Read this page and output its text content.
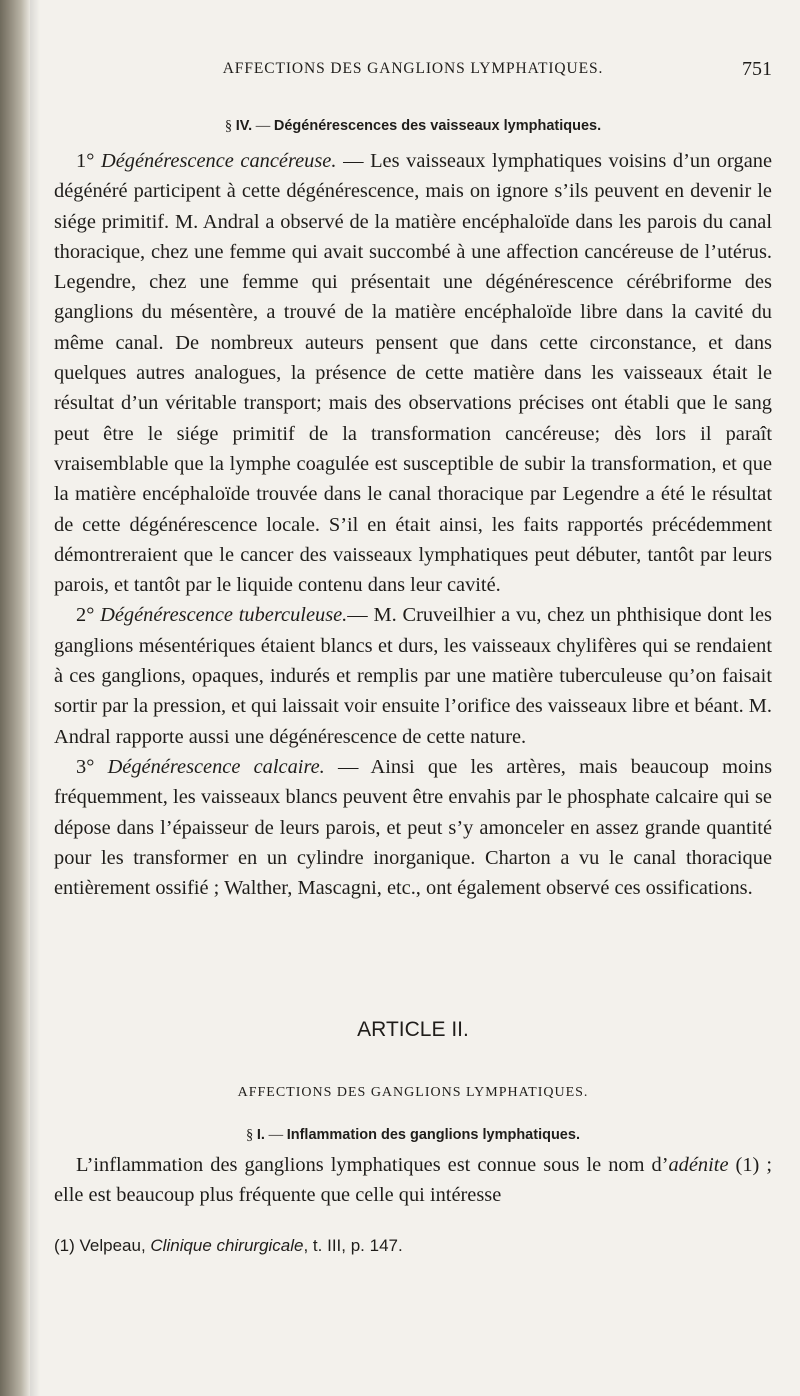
AFFECTIONS DES GANGLIONS LYMPHATIQUES.	751
§ IV. — Dégénérescences des vaisseaux lymphatiques.

1° Dégénérescence cancéreuse. — Les vaisseaux lymphatiques voisins d’un organe dégénéré participent à cette dégénérescence, mais on ignore s’ils peuvent en devenir le siége primitif. M. Andral a observé de la matière encéphaloïde dans les parois du canal thoracique, chez une femme qui avait succombé à une affection cancéreuse de l’utérus. Legendre, chez une femme qui présentait une dégénérescence cérébriforme des ganglions du mésentère, a trouvé de la matière encéphaloïde libre dans la cavité du même canal. De nombreux auteurs pensent que dans cette circonstance, et dans quelques autres analogues, la présence de cette matière dans les vaisseaux était le résultat d’un véritable transport; mais des observations précises ont établi que le sang peut être le siége primitif de la transformation cancéreuse; dès lors il paraît vraisemblable que la lymphe coagulée est susceptible de subir la transformation, et que la matière encéphaloïde trouvée dans le canal thoracique par Legendre a été le résultat de cette dégénérescence locale. S’il en était ainsi, les faits rapportés précédemment démontreraient que le cancer des vaisseaux lymphatiques peut débuter, tantôt par leurs parois, et tantôt par le liquide contenu dans leur cavité.

2° Dégénérescence tuberculeuse.— M. Cruveilhier a vu, chez un phthisique dont les ganglions mésentériques étaient blancs et durs, les vaisseaux chylifères qui se rendaient à ces ganglions, opaques, indurés et remplis par une matière tuberculeuse qu’on faisait sortir par la pression, et qui laissait voir ensuite l’orifice des vaisseaux libre et béant. M. Andral rapporte aussi une dégénérescence de cette nature.

3° Dégénérescence calcaire. — Ainsi que les artères, mais beaucoup moins fréquemment, les vaisseaux blancs peuvent être envahis par le phosphate calcaire qui se dépose dans l’épaisseur de leurs parois, et peut s’y amonceler en assez grande quantité pour les transformer en un cylindre inorganique. Charton a vu le canal thoracique entièrement ossifié ; Walther, Mascagni, etc., ont également observé ces ossifications.

ARTICLE II.
AFFECTIONS DES GANGLIONS LYMPHATIQUES.
§ I. — Inflammation des ganglions lymphatiques.

L’inflammation des ganglions lymphatiques est connue sous le nom d’adénite (1) ; elle est beaucoup plus fréquente que celle qui intéresse

(1) Velpeau, Clinique chirurgicale, t. III, p. 147.
